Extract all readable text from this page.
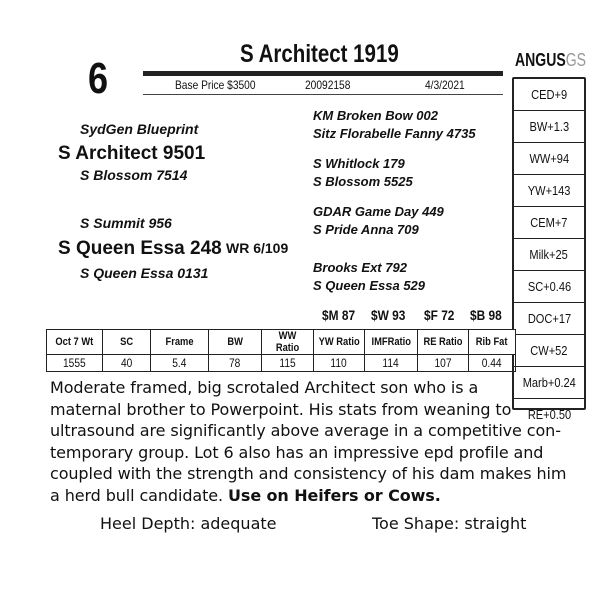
6	S Architect 1919
Base Price $3500	20092158	4/3/2021
ANGUSGS
SydGen Blueprint
S Architect 9501
S Blossom 7514
S Summit 956
S Queen Essa 248 WR 6/109
S Queen Essa 0131
KM Broken Bow 002
Sitz Florabelle Fanny 4735
S Whitlock 179
S Blossom 5525
GDAR Game Day 449
S Pride Anna 709
Brooks Ext 792
S Queen Essa 529
CED+9
BW+1.3
WW+94
YW+143
CEM+7
Milk+25
SC+0.46
DOC+17
CW+52
Marb+0.24
RE+0.50
$M 87 $W 93 $F 72 $B 98
Oct 7 Wt	SC	Frame	BW	WW Ratio	YW Ratio	IMFRatio	RE Ratio	Rib Fat
1555	40	5.4	78	115	110	114	107	0.44
Moderate framed, big scrotaled Architect son who is a
maternal brother to Powerpoint. His stats from weaning to
ultrasound are significantly above average in a competitive con-
temporary group. Lot 6 also has an impressive epd profile and
coupled with the strength and consistency of his dam makes him
a herd bull candidate. Use on Heifers or Cows.
Heel Depth: adequate	Toe Shape: straight
